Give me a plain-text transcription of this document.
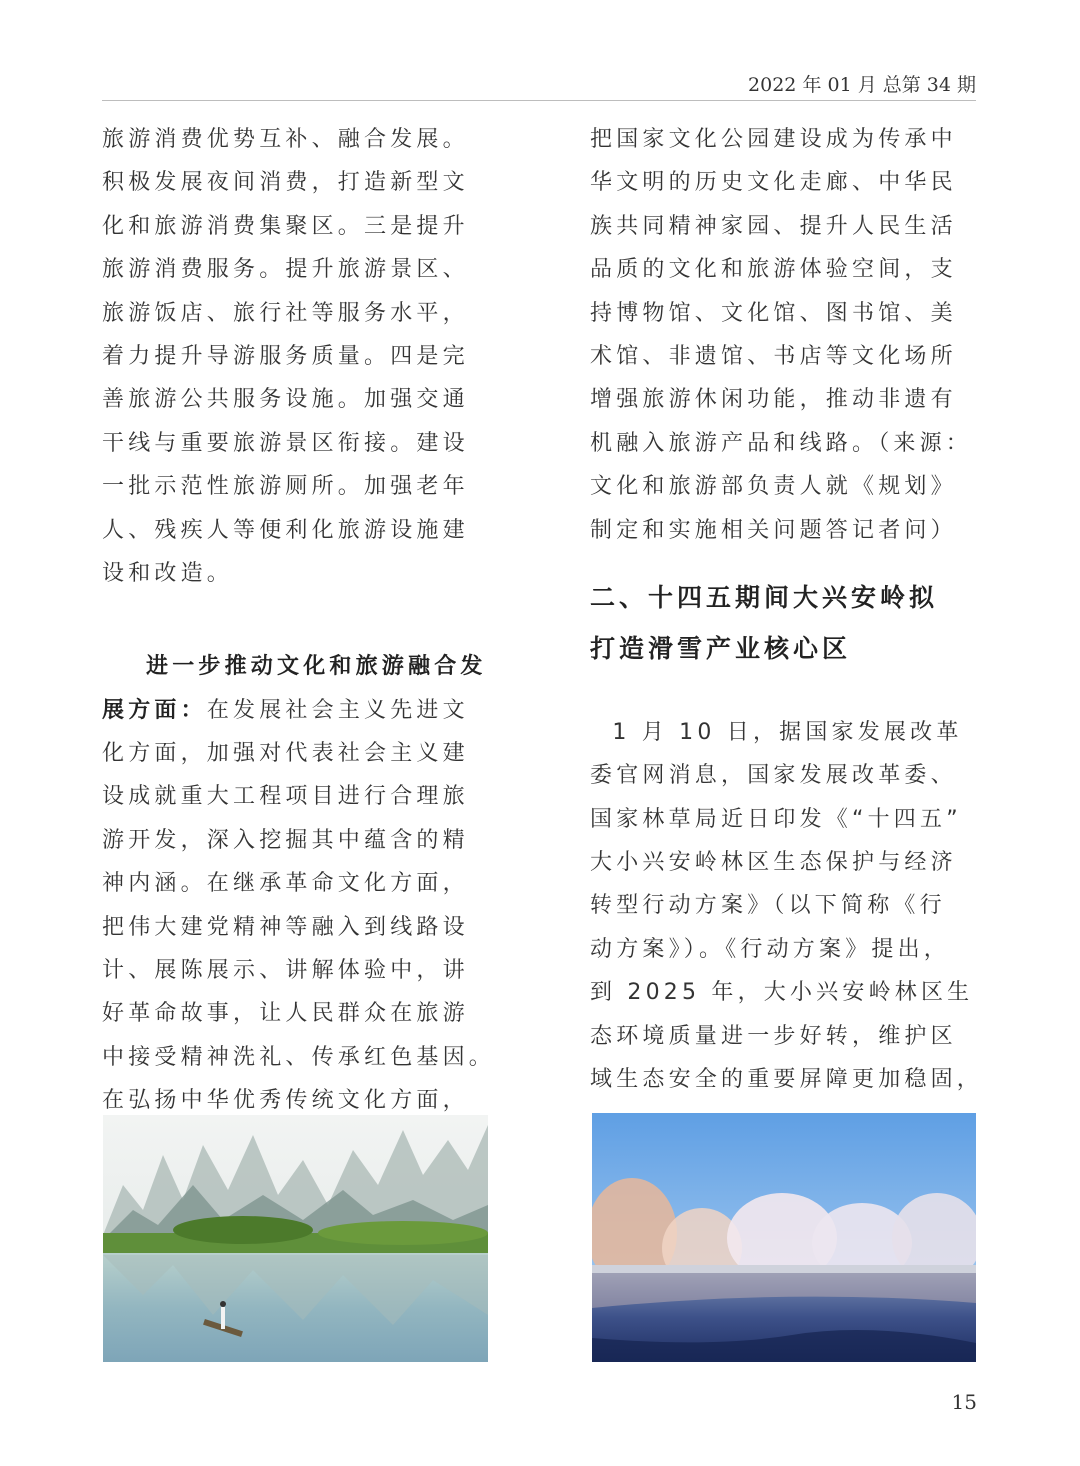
2022 年 01 月 总第 34 期
旅游消费优势互补、融合发展。
积极发展夜间消费，打造新型文
化和旅游消费集聚区。三是提升
旅游消费服务。提升旅游景区、
旅游饭店、旅行社等服务水平，
着力提升导游服务质量。四是完
善旅游公共服务设施。加强交通
干线与重要旅游景区衔接。建设
一批示范性旅游厕所。加强老年
人、残疾人等便利化旅游设施建
设和改造。
进一步推动文化和旅游融合发
展方面：在发展社会主义先进文
化方面，加强对代表社会主义建
设成就重大工程项目进行合理旅
游开发，深入挖掘其中蕴含的精
神内涵。在继承革命文化方面，
把伟大建党精神等融入到线路设
计、展陈展示、讲解体验中，讲
好革命故事，让人民群众在旅游
中接受精神洗礼、传承红色基因。
在弘扬中华优秀传统文化方面，
把国家文化公园建设成为传承中
华文明的历史文化走廊、中华民
族共同精神家园、提升人民生活
品质的文化和旅游体验空间，支
持博物馆、文化馆、图书馆、美
术馆、非遗馆、书店等文化场所
增强旅游休闲功能，推动非遗有
机融入旅游产品和线路。（来源：
文化和旅游部负责人就《规划》
制定和实施相关问题答记者问）
二、十四五期间大兴安岭拟
打造滑雪产业核心区
1 月 10 日，据国家发展改革
委官网消息，国家发展改革委、
国家林草局近日印发《“十四五”
大小兴安岭林区生态保护与经济
转型行动方案》（以下简称《行
动方案》）。《行动方案》提出，
到 2025 年，大小兴安岭林区生
态环境质量进一步好转，维护区
域生态安全的重要屏障更加稳固，
15
